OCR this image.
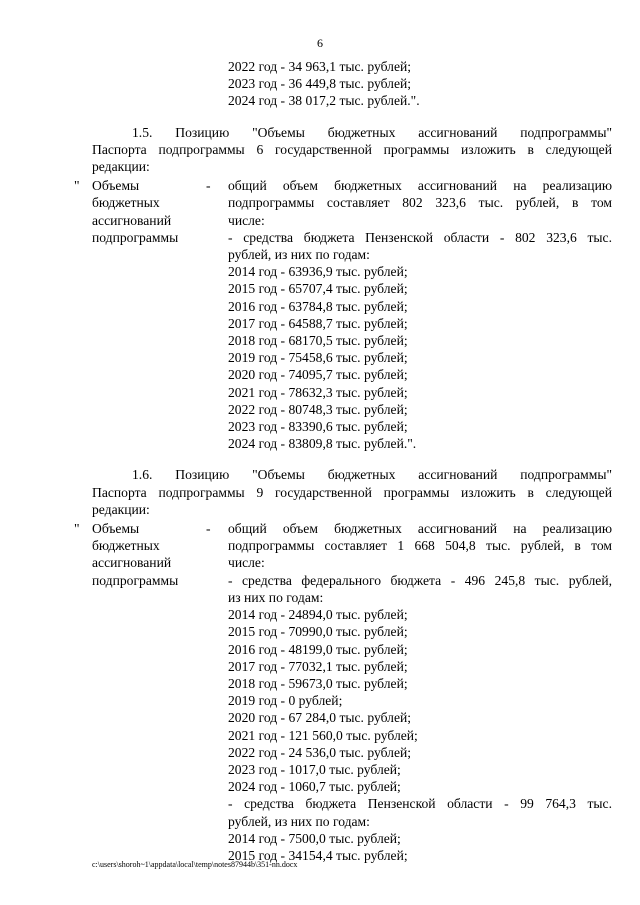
6
2022 год - 34 963,1 тыс. рублей;
2023 год - 36 449,8 тыс. рублей;
2024 год - 38 017,2 тыс. рублей.".
1.5. Позицию "Объемы бюджетных ассигнований подпрограммы"
Паспорта подпрограммы 6 государственной программы изложить в следующей
редакции:
" Объемы
бюджетных
ассигнований
подпрограммы
-	общий объем бюджетных ассигнований на реализацию
подпрограммы составляет 802 323,6 тыс. рублей, в том
числе:
- средства бюджета Пензенской области - 802 323,6 тыс.
рублей, из них по годам:
2014 год - 63936,9 тыс. рублей;
2015 год - 65707,4 тыс. рублей;
2016 год - 63784,8 тыс. рублей;
2017 год - 64588,7 тыс. рублей;
2018 год - 68170,5 тыс. рублей;
2019 год - 75458,6 тыс. рублей;
2020 год - 74095,7 тыс. рублей;
2021 год - 78632,3 тыс. рублей;
2022 год - 80748,3 тыс. рублей;
2023 год - 83390,6 тыс. рублей;
2024 год - 83809,8 тыс. рублей.".
1.6. Позицию "Объемы бюджетных ассигнований подпрограммы"
Паспорта подпрограммы 9 государственной программы изложить в следующей
редакции:
" Объемы
бюджетных
ассигнований
подпрограммы
-	общий объем бюджетных ассигнований на реализацию
подпрограммы составляет 1 668 504,8 тыс. рублей, в том
числе:
- средства федерального бюджета - 496 245,8 тыс. рублей,
из них по годам:
2014 год - 24894,0 тыс. рублей;
2015 год - 70990,0 тыс. рублей;
2016 год - 48199,0 тыс. рублей;
2017 год - 77032,1 тыс. рублей;
2018 год - 59673,0 тыс. рублей;
2019 год - 0 рублей;
2020 год - 67 284,0 тыс. рублей;
2021 год - 121 560,0 тыс. рублей;
2022 год - 24 536,0 тыс. рублей;
2023 год - 1017,0 тыс. рублей;
2024 год - 1060,7 тыс. рублей;
- средства бюджета Пензенской области - 99 764,3 тыс.
рублей, из них по годам:
2014 год - 7500,0 тыс. рублей;
2015 год - 34154,4 тыс. рублей;
c:\users\shoroh~1\appdata\local\temp\notes87944b\351-nn.docx
